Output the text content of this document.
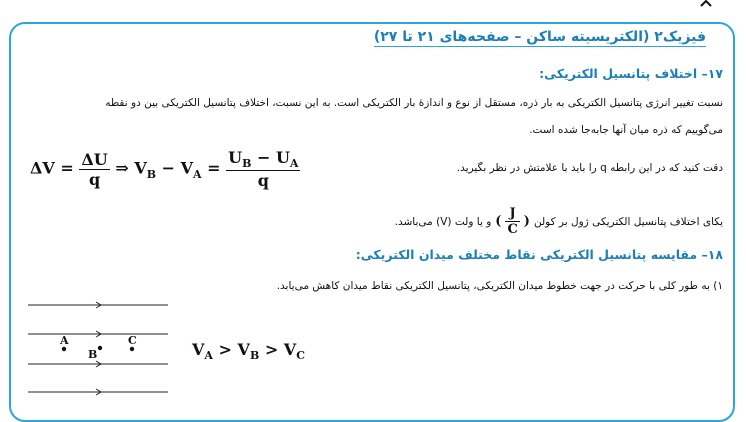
فیزیک۲ (الکتریسیته ساکن – صفحه‌های ۲۱ تا ۲۷)
۱۷– اختلاف پتانسیل الکتریکی:
نسبت تغییر انرژی پتانسیل الکتریکی به بار ذره، مستقل از نوع و اندازۀ بار الکتریکی است. به این نسبت، اختلاف پتانسیل الکتریکی بین دو نقطه
می‌گوییم که ذره میان آنها جابه‌جا شده است.
$\Delta V = \frac{\Delta U}{q}$ ⇒ $V_B - V_A = \frac{U_B - U_A}{q}$	دقت کنید که در این رابطه q را باید با علامتش در نظر بگیرید.
یکای اختلاف پتانسیل الکتریکی ژول بر کولن
(
$\frac{J}{C}$
)
و یا ولت (V) می‌باشد.
۱۸– مقایسه پتانسیل الکتریکی نقاط مختلف میدان الکتریکی:
۱) به طور کلی با حرکت در جهت خطوط میدان الکتریکی، پتانسیل الکتریکی نقاط میدان کاهش می‌یابد.
A
B
C	$V_A > V_B > V_C$
